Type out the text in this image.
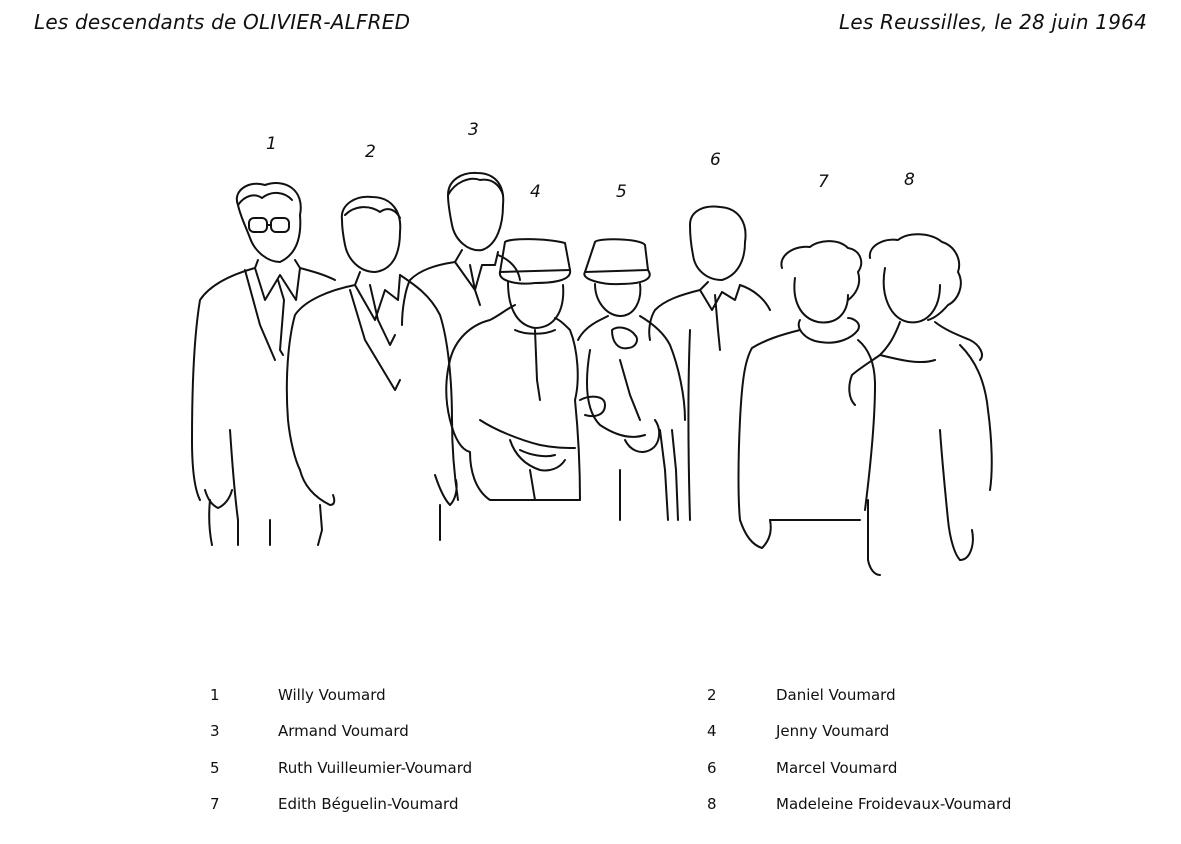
Les descendants de OLIVIER-ALFRED	Les Reussilles, le 28 juin 1964
1	2
3
4	5
6
7	8
1	Willy Voumard	2	Daniel Voumard
3	Armand Voumard	4	Jenny Voumard
5	Ruth Vuilleumier-Voumard	6	Marcel Voumard
7	Edith Béguelin-Voumard	8	Madeleine Froidevaux-Voumard
